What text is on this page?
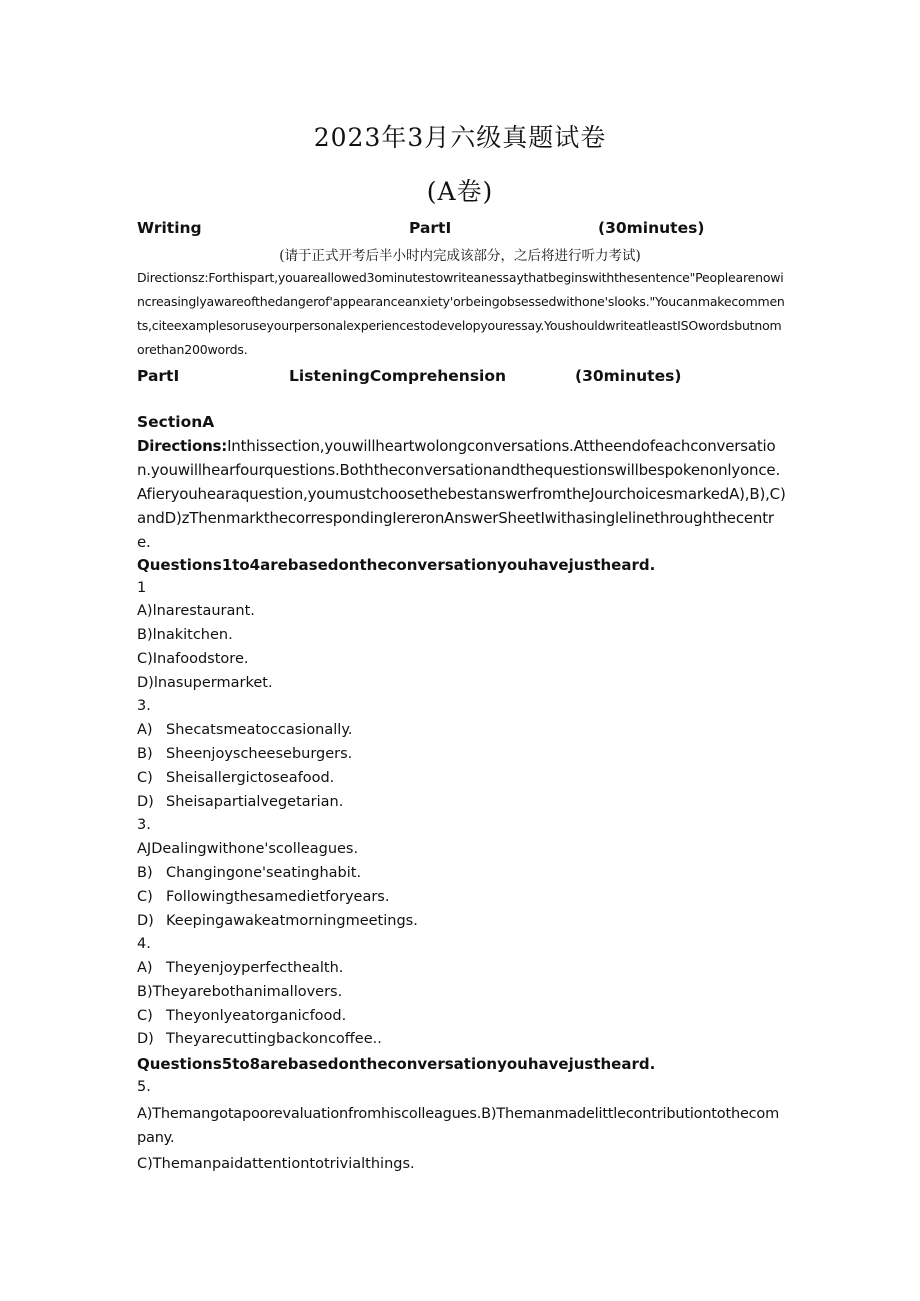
2023年3月六级真题试卷
(A卷)
Writing	PartI	(30minutes)
(请于正式开考后半小时内完成该部分，之后将进行听力考试)
Directionsz:Forthispart,youareallowed3ominutestowriteanessaythatbeginswiththesentence"Peoplearenowincreasinglyawareofthedangerof'appearanceanxiety'orbeingobsessedwithone'slooks."Youcanmakecomments,citeexamplesoruseyourpersonalexperiencestodevelopyouressay.YoushouldwriteatleastISOwordsbutnomorethan200words.
PartI	ListeningComprehension	(30minutes)
SectionA
Directions:Inthissection,youwillheartwolongconversations.Attheendofeachconversation.youwillhearfourquestions.Boththeconversationandthequestionswillbespokenonlyonce.Afieryouhearaquestion,youmustchoosethebestanswerfromtheJourchoicesmarkedA),B),C)andD)zThenmarkthecorrespondingIereronAnswerSheetIwithasinglelinethroughthecentre.
Questions1to4arebasedontheconversationyouhavejustheard.
1
A)lnarestaurant.
B)lnakitchen.
C)Inafoodstore.
D)lnasupermarket.
3.
A) Shecatsmeatoccasionally.
B) Sheenjoyscheeseburgers.
C) Sheisallergictoseafood.
D) Sheisapartialvegetarian.
3.
AJDealingwithone'scolleagues.
B) Changingone'seatinghabit.
C) Followingthesamedietforyears.
D) Keepingawakeatmorningmeetings.
4.
A) Theyenjoyperfecthealth.
B)Theyarebothanimallovers.
C) Theyonlyeatorganicfood.
D) Theyarecuttingbackoncoffee..
Questions5to8arebasedontheconversationyouhavejustheard.
5.
A)Themangotapoorevaluationfromhiscolleagues.B)Themanmadelittlecontributiontothecompany.
C)Themanpaidattentiontotrivialthings.
